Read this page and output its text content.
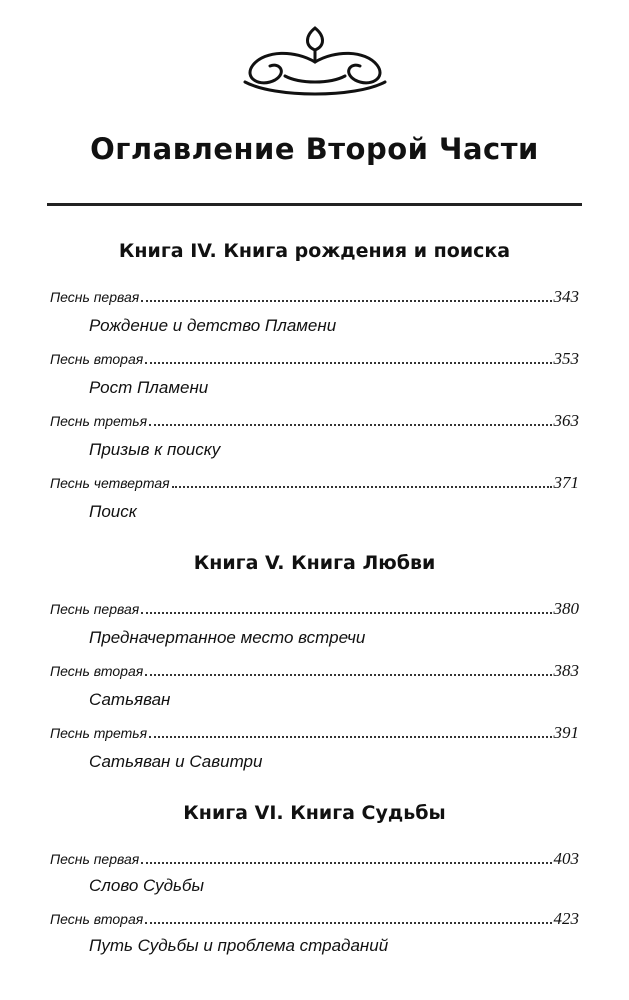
Оглавление Второй Части
Книга IV. Книга рождения и поиска
Песнь первая	343
Рождение и детство Пламени
Песнь вторая	353
Рост Пламени
Песнь третья	363
Призыв к поиску
Песнь четвертая	371
Поиск
Книга V. Книга Любви
Песнь первая	380
Предначертанное место встречи
Песнь вторая	383
Сатьяван
Песнь третья	391
Сатьяван и Савитри
Книга VI. Книга Судьбы
Песнь первая	403
Слово Судьбы
Песнь вторая	423
Путь Судьбы и проблема страданий
